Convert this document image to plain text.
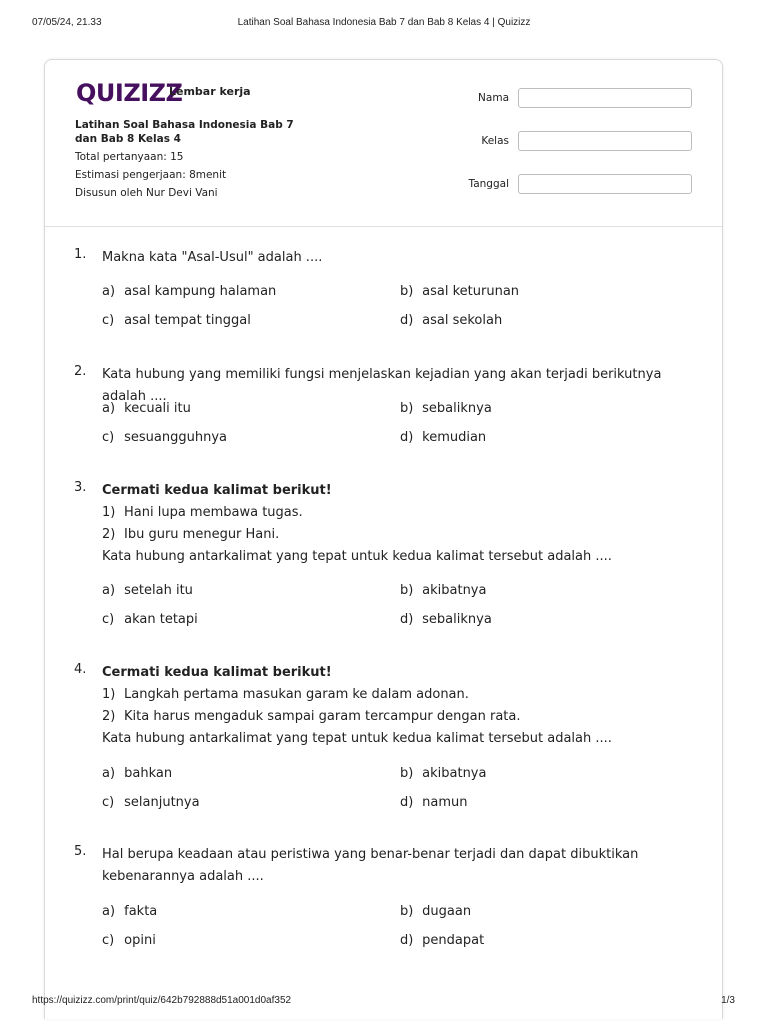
07/05/24, 21.33	Latihan Soal Bahasa Indonesia Bab 7 dan Bab 8 Kelas 4 | Quizizz
QUIZIZZ
Lembar kerja
Latihan Soal Bahasa Indonesia Bab 7 dan Bab 8 Kelas 4
Total pertanyaan: 15
Estimasi pengerjaan: 8menit
Disusun oleh Nur Devi Vani
Nama
Kelas
Tanggal
1. Makna kata "Asal-Usul" adalah ....
a) asal kampung halaman	b) asal keturunan
c) asal tempat tinggal	d) asal sekolah
2. Kata hubung yang memiliki fungsi menjelaskan kejadian yang akan terjadi berikutnya adalah ....
a) kecuali itu	b) sebaliknya
c) sesuangguhnya	d) kemudian
3. Cermati kedua kalimat berikut!
1) Hani lupa membawa tugas.
2) Ibu guru menegur Hani.
Kata hubung antarkalimat yang tepat untuk kedua kalimat tersebut adalah ....
a) setelah itu	b) akibatnya
c) akan tetapi	d) sebaliknya
4. Cermati kedua kalimat berikut!
1) Langkah pertama masukan garam ke dalam adonan.
2) Kita harus mengaduk sampai garam tercampur dengan rata.
Kata hubung antarkalimat yang tepat untuk kedua kalimat tersebut adalah ....
a) bahkan	b) akibatnya
c) selanjutnya	d) namun
5. Hal berupa keadaan atau peristiwa yang benar-benar terjadi dan dapat dibuktikan
kebenarannya adalah ....
a) fakta	b) dugaan
c) opini	d) pendapat
https://quizizz.com/print/quiz/642b792888d51a001d0af352	1/3
